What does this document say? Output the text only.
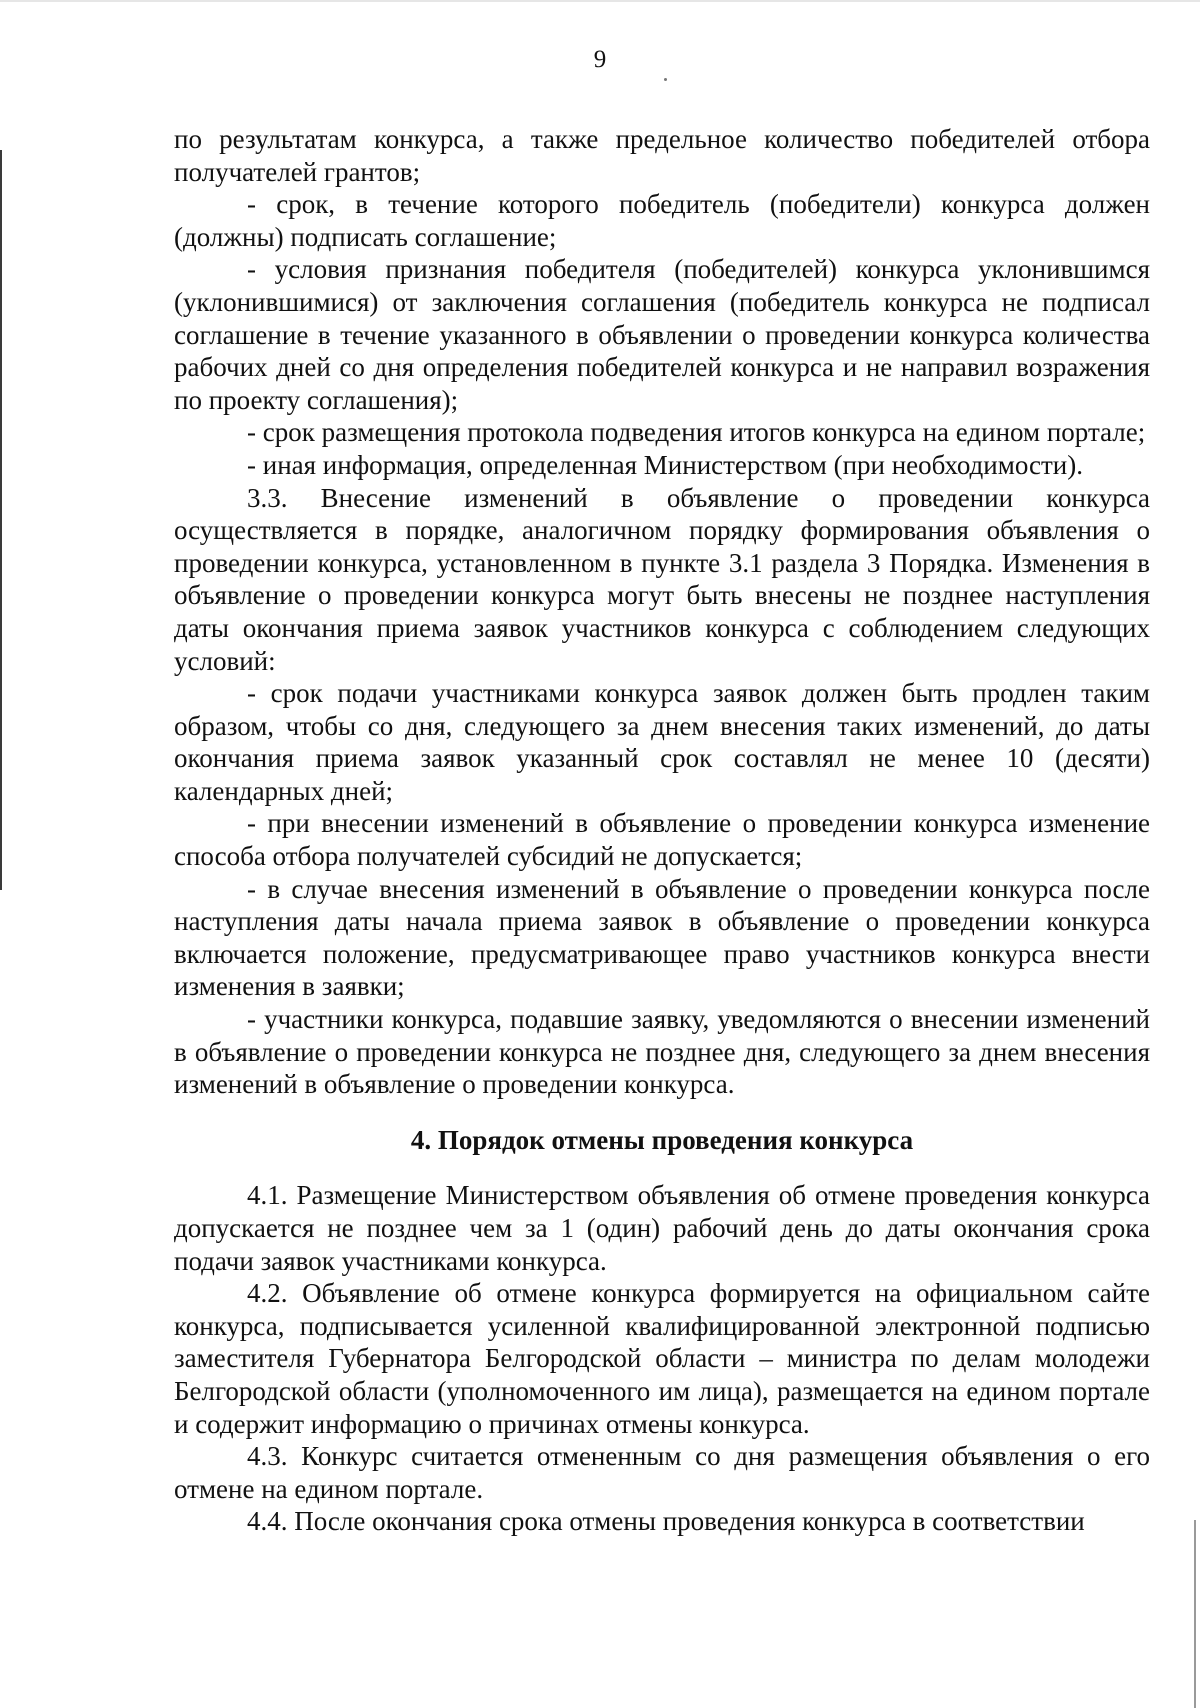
9

по результатам конкурса, а также предельное количество победителей отбора получателей грантов;

- срок, в течение которого победитель (победители) конкурса должен (должны) подписать соглашение;

- условия признания победителя (победителей) конкурса уклонившимся (уклонившимися) от заключения соглашения (победитель конкурса не подписал соглашение в течение указанного в объявлении о проведении конкурса количества рабочих дней со дня определения победителей конкурса и не направил возражения по проекту соглашения);

- срок размещения протокола подведения итогов конкурса на едином портале;

- иная информация, определенная Министерством (при необходимости).

3.3. Внесение изменений в объявление о проведении конкурса осуществляется в порядке, аналогичном порядку формирования объявления о проведении конкурса, установленном в пункте 3.1 раздела 3 Порядка. Изменения в объявление о проведении конкурса могут быть внесены не позднее наступления даты окончания приема заявок участников конкурса с соблюдением следующих условий:

- срок подачи участниками конкурса заявок должен быть продлен таким образом, чтобы со дня, следующего за днем внесения таких изменений, до даты окончания приема заявок указанный срок составлял не менее 10 (десяти) календарных дней;

- при внесении изменений в объявление о проведении конкурса изменение способа отбора получателей субсидий не допускается;

- в случае внесения изменений в объявление о проведении конкурса после наступления даты начала приема заявок в объявление о проведении конкурса включается положение, предусматривающее право участников конкурса внести изменения в заявки;

- участники конкурса, подавшие заявку, уведомляются о внесении изменений в объявление о проведении конкурса не позднее дня, следующего за днем внесения изменений в объявление о проведении конкурса.

4. Порядок отмены проведения конкурса

4.1. Размещение Министерством объявления об отмене проведения конкурса допускается не позднее чем за 1 (один) рабочий день до даты окончания срока подачи заявок участниками конкурса.

4.2. Объявление об отмене конкурса формируется на официальном сайте конкурса, подписывается усиленной квалифицированной электронной подписью заместителя Губернатора Белгородской области – министра по делам молодежи Белгородской области (уполномоченного им лица), размещается на едином портале и содержит информацию о причинах отмены конкурса.

4.3. Конкурс считается отмененным со дня размещения объявления о его отмене на едином портале.

4.4. После окончания срока отмены проведения конкурса в соответствии
